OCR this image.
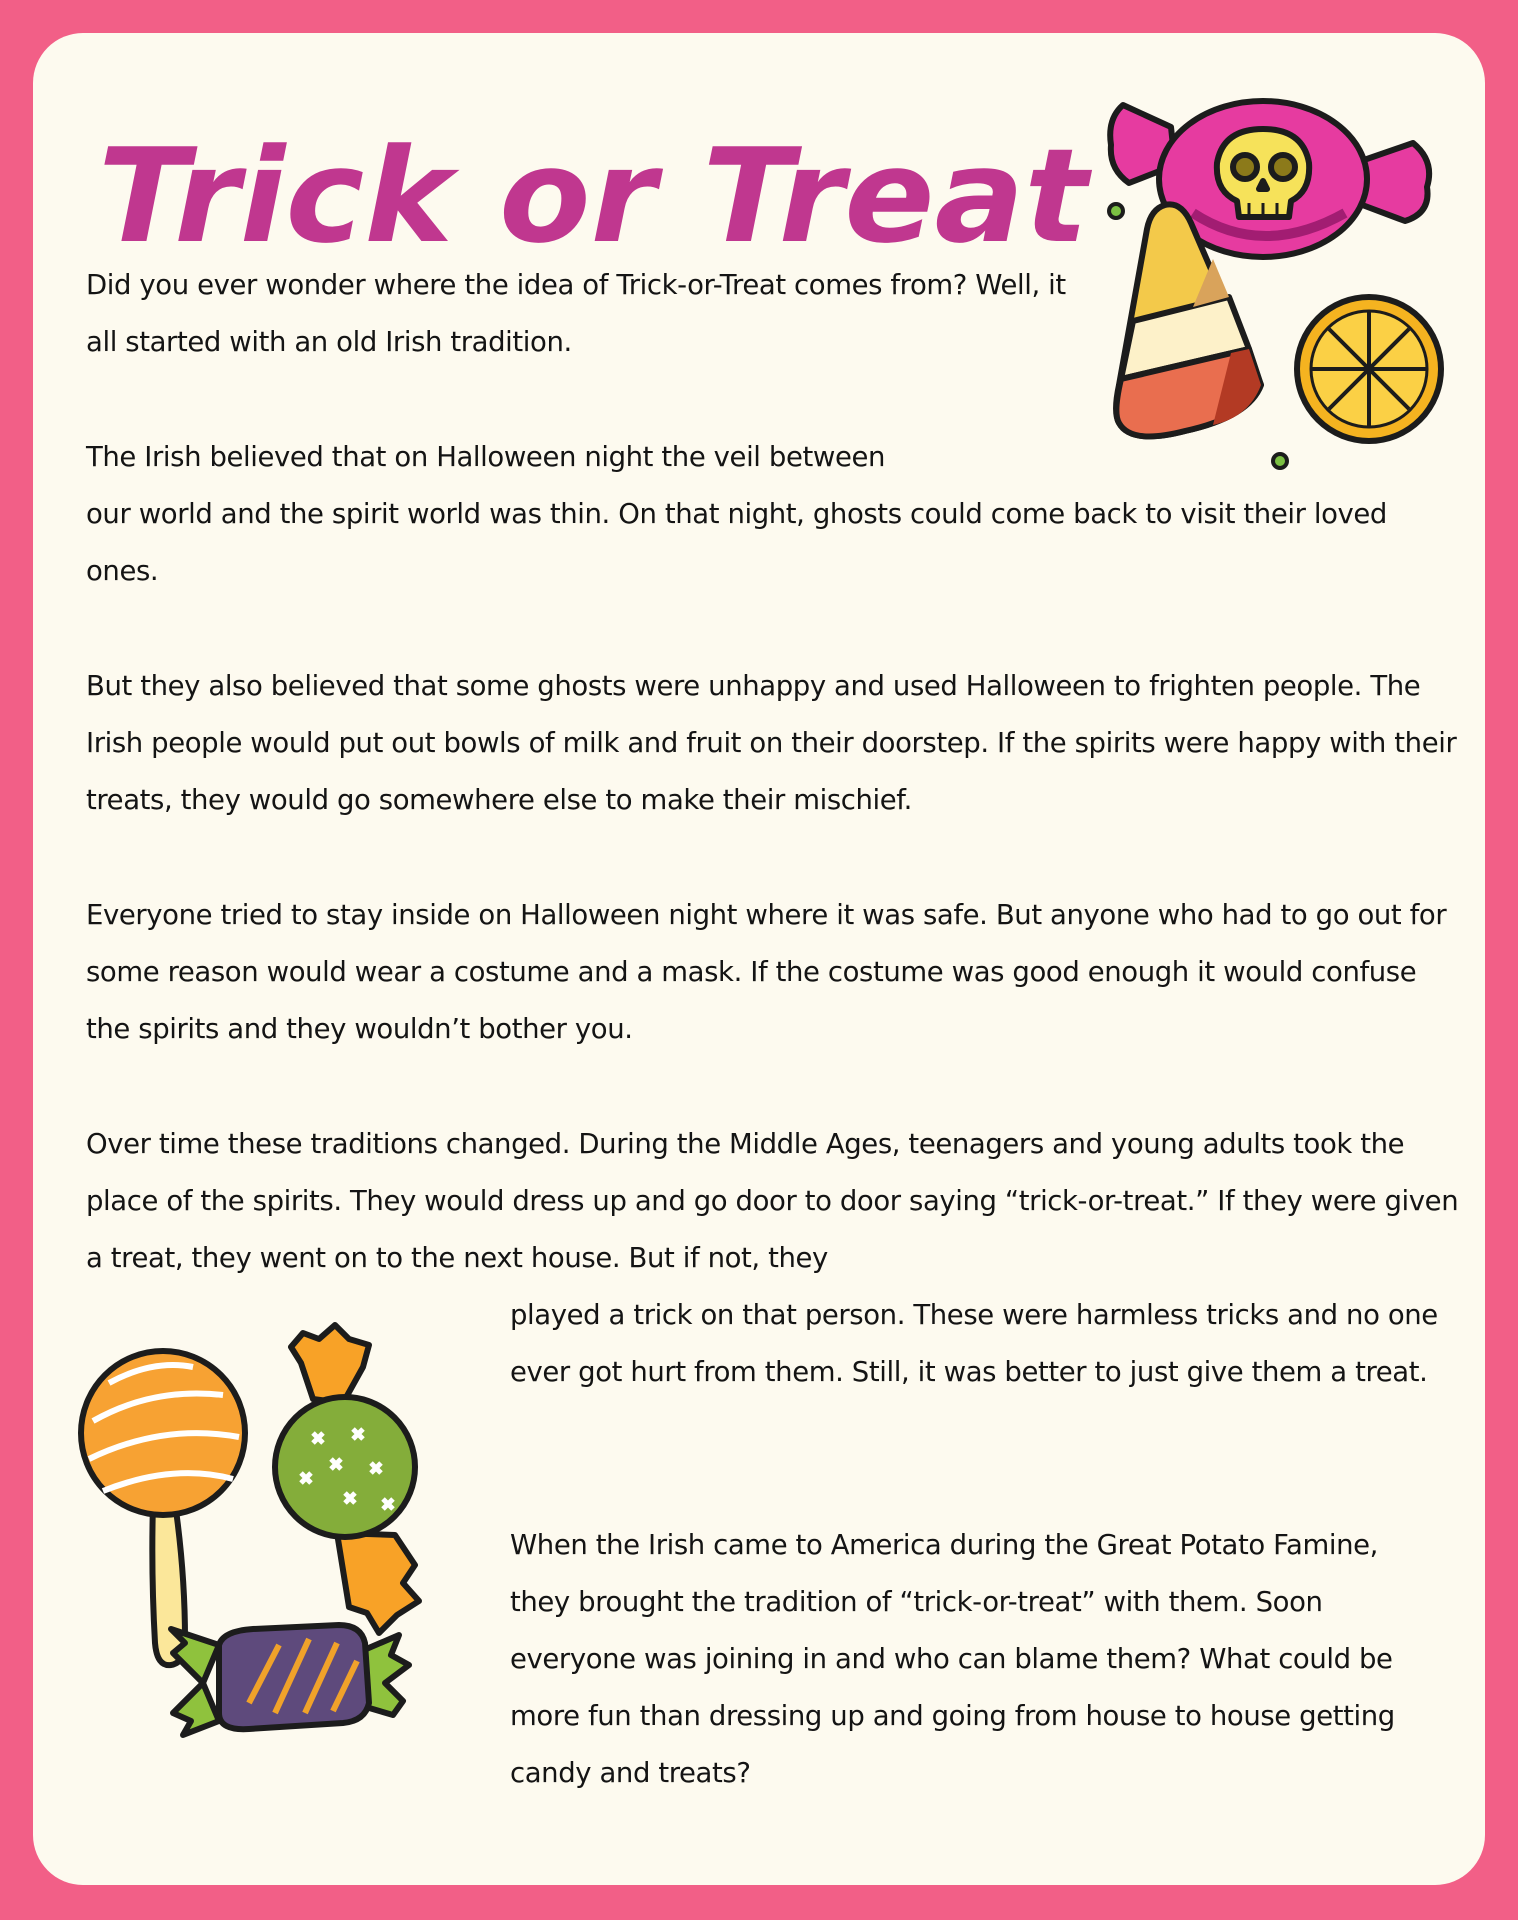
Trick or Treat

Did you ever wonder where the idea of Trick-or-Treat comes from? Well, it all started with an old Irish tradition.

The Irish believed that on Halloween night the veil between
our world and the spirit world was thin. On that night, ghosts could come back to visit their loved ones.

But they also believed that some ghosts were unhappy and used Halloween to frighten people. The Irish people would put out bowls of milk and fruit on their doorstep. If the spirits were happy with their treats, they would go somewhere else to make their mischief.

Everyone tried to stay inside on Halloween night where it was safe. But anyone who had to go out for some reason would wear a costume and a mask. If the costume was good enough it would confuse the spirits and they wouldn’t bother you.

Over time these traditions changed. During the Middle Ages, teenagers and young adults took the place of the spirits. They would dress up and go door to door saying “trick-or-treat.” If they were given a treat, they went on to the next house. But if not, they

played a trick on that person. These were harmless tricks and no one ever got hurt from them. Still, it was better to just give them a treat.

When the Irish came to America during the Great Potato Famine, they brought the tradition of “trick-or-treat” with them. Soon everyone was joining in and who can blame them? What could be more fun than dressing up and going from house to house getting candy and treats?
